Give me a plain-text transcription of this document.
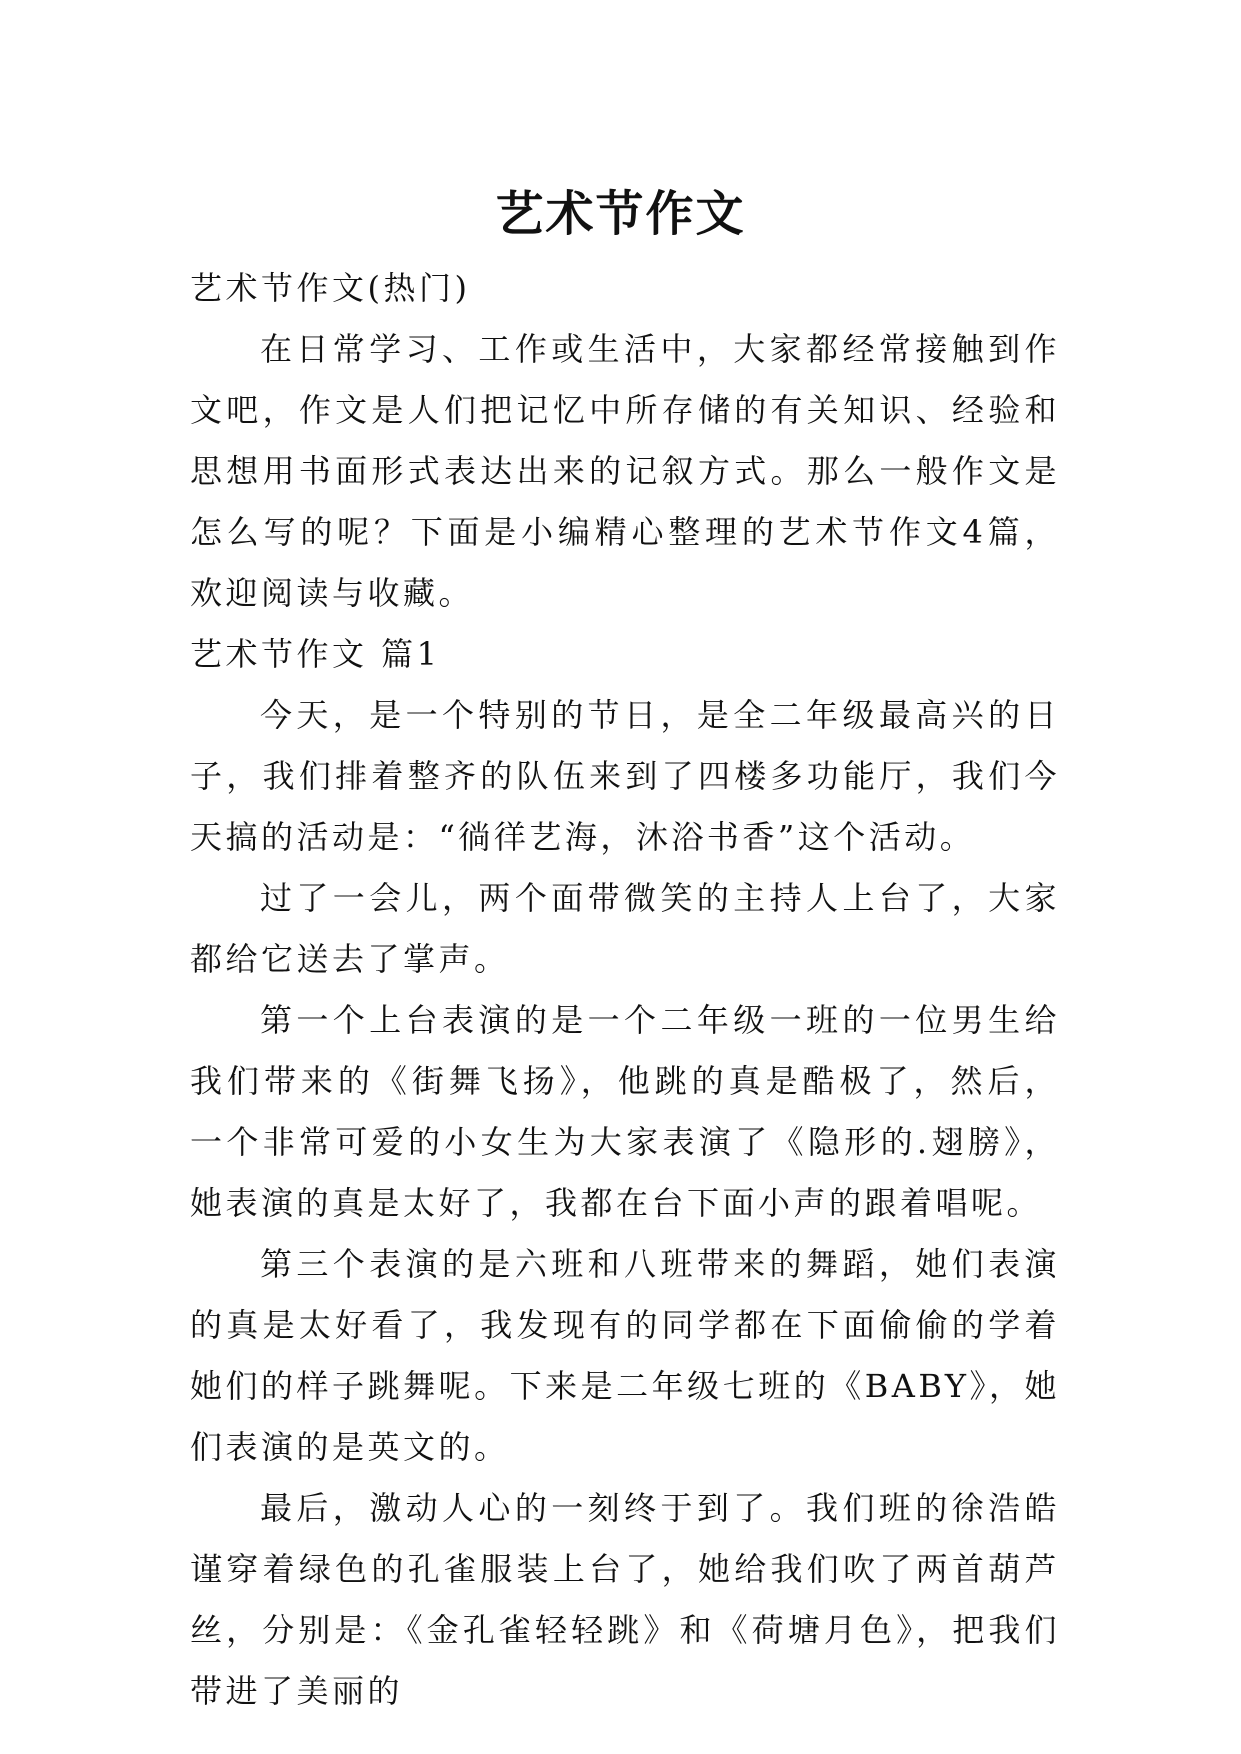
艺术节作文

艺术节作文(热门)

在日常学习、工作或生活中，大家都经常接触到作文吧，作文是人们把记忆中所存储的有关知识、经验和思想用书面形式表达出来的记叙方式。那么一般作文是怎么写的呢？下面是小编精心整理的艺术节作文4篇，欢迎阅读与收藏。

艺术节作文 篇1

今天，是一个特别的节日，是全二年级最高兴的日子，我们排着整齐的队伍来到了四楼多功能厅，我们今天搞的活动是：“徜徉艺海，沐浴书香”这个活动。

过了一会儿，两个面带微笑的主持人上台了，大家都给它送去了掌声。

第一个上台表演的是一个二年级一班的一位男生给我们带来的《街舞飞扬》，他跳的真是酷极了，然后，一个非常可爱的小女生为大家表演了《隐形的.翅膀》，她表演的真是太好了，我都在台下面小声的跟着唱呢。

第三个表演的是六班和八班带来的舞蹈，她们表演的真是太好看了，我发现有的同学都在下面偷偷的学着她们的样子跳舞呢。下来是二年级七班的《BABY》，她们表演的是英文的。

最后，激动人心的一刻终于到了。我们班的徐浩皓谨穿着绿色的孔雀服装上台了，她给我们吹了两首葫芦丝，分别是：《金孔雀轻轻跳》和《荷塘月色》，把我们带进了美丽的
